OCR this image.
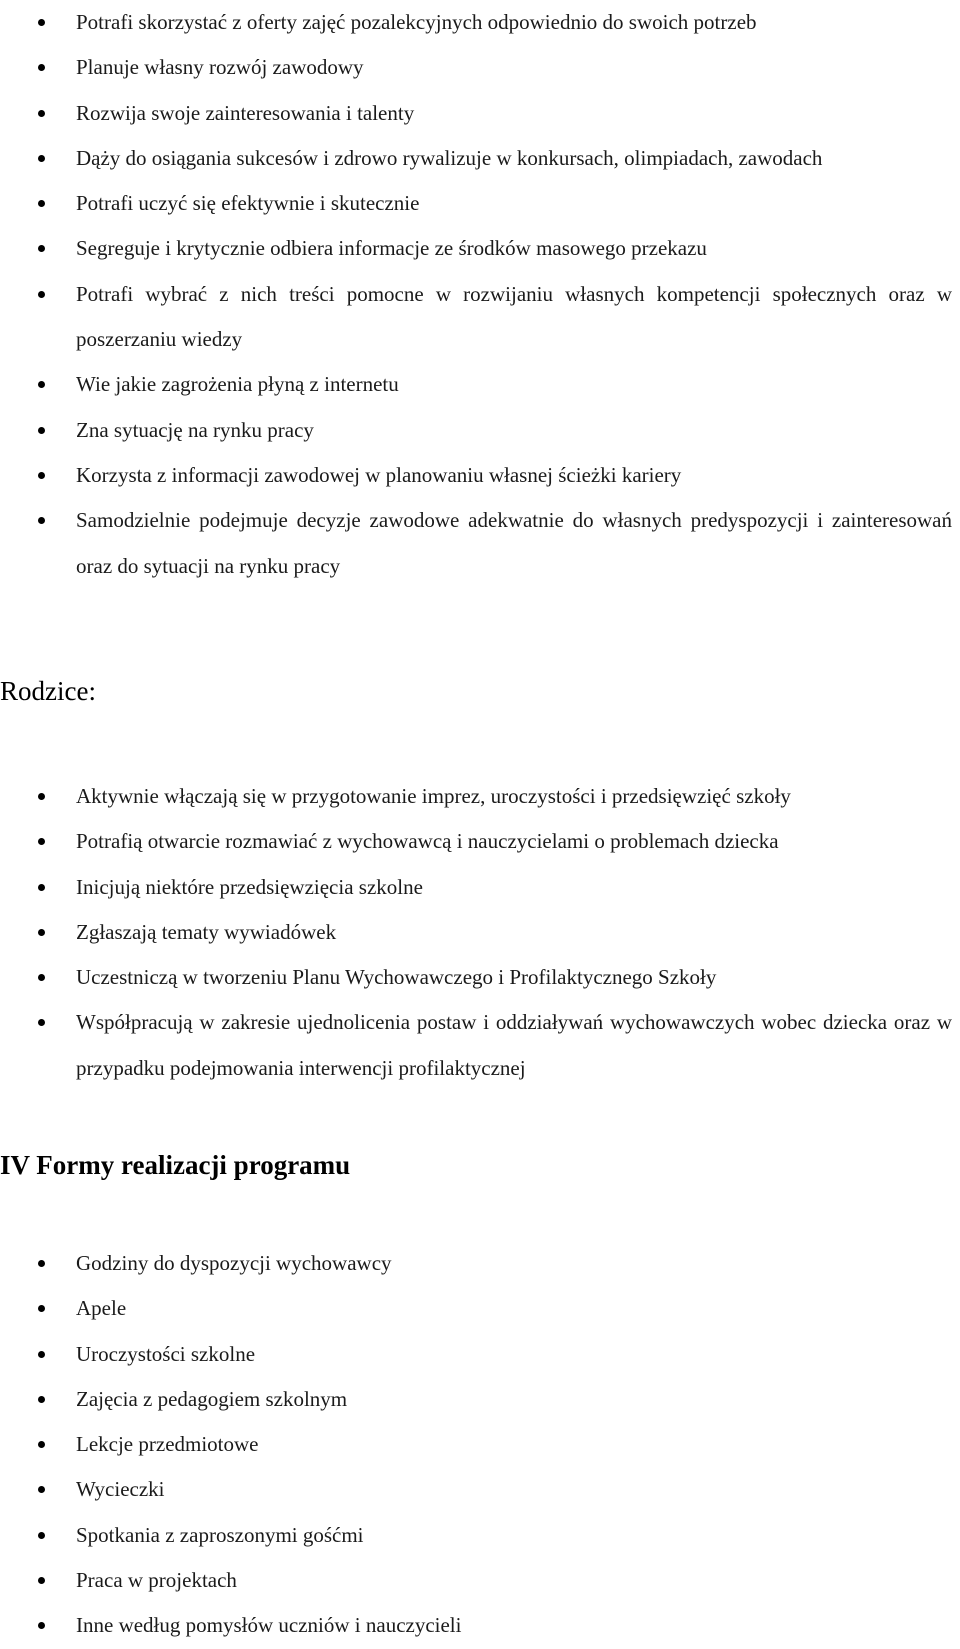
Potrafi skorzystać z oferty zajęć pozalekcyjnych odpowiednio do swoich potrzeb
Planuje własny rozwój zawodowy
Rozwija swoje zainteresowania i talenty
Dąży do osiągania sukcesów i zdrowo rywalizuje w konkursach, olimpiadach, zawodach
Potrafi uczyć się efektywnie i skutecznie
Segreguje i krytycznie odbiera informacje ze środków masowego przekazu
Potrafi wybrać z nich treści pomocne w rozwijaniu własnych kompetencji społecznych oraz w poszerzaniu wiedzy
Wie jakie zagrożenia płyną z internetu
Zna sytuację na rynku pracy
Korzysta z informacji zawodowej w planowaniu własnej ścieżki kariery
Samodzielnie podejmuje decyzje zawodowe adekwatnie do własnych predyspozycji i zainteresowań oraz do sytuacji na rynku pracy
Rodzice:
Aktywnie włączają się w przygotowanie imprez, uroczystości i przedsięwzięć szkoły
Potrafią otwarcie rozmawiać z wychowawcą i nauczycielami o problemach dziecka
Inicjują niektóre przedsięwzięcia szkolne
Zgłaszają tematy wywiadówek
Uczestniczą w tworzeniu Planu Wychowawczego i Profilaktycznego Szkoły
Współpracują w zakresie ujednolicenia postaw i oddziaływań wychowawczych wobec dziecka oraz w przypadku podejmowania interwencji profilaktycznej
IV Formy realizacji programu
Godziny do dyspozycji wychowawcy
Apele
Uroczystości szkolne
Zajęcia z pedagogiem szkolnym
Lekcje przedmiotowe
Wycieczki
Spotkania z zaproszonymi gośćmi
Praca w projektach
Inne według pomysłów uczniów i nauczycieli
